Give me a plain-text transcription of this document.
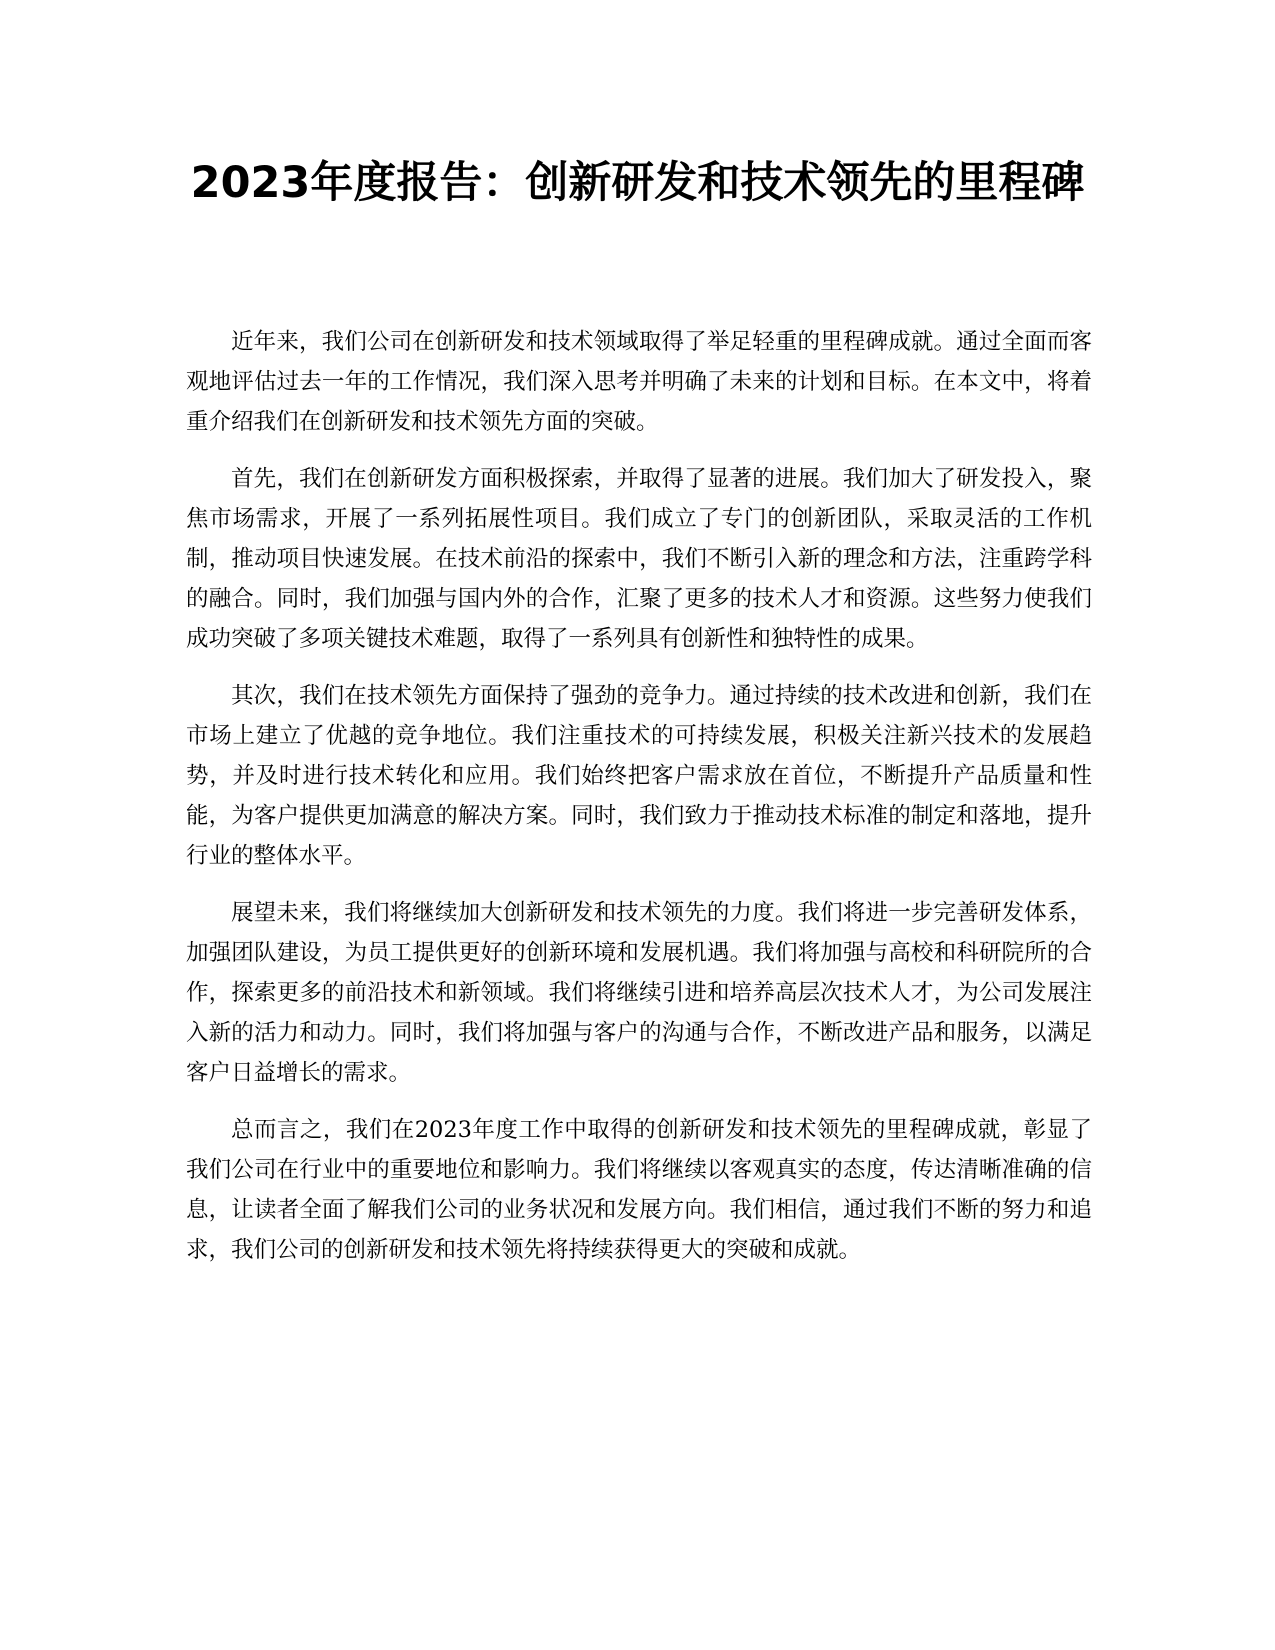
2023年度报告：创新研发和技术领先的里程碑

近年来，我们公司在创新研发和技术领域取得了举足轻重的里程碑成就。通过全面而客观地评估过去一年的工作情况，我们深入思考并明确了未来的计划和目标。在本文中，将着重介绍我们在创新研发和技术领先方面的突破。

首先，我们在创新研发方面积极探索，并取得了显著的进展。我们加大了研发投入，聚焦市场需求，开展了一系列拓展性项目。我们成立了专门的创新团队，采取灵活的工作机制，推动项目快速发展。在技术前沿的探索中，我们不断引入新的理念和方法，注重跨学科的融合。同时，我们加强与国内外的合作，汇聚了更多的技术人才和资源。这些努力使我们成功突破了多项关键技术难题，取得了一系列具有创新性和独特性的成果。

其次，我们在技术领先方面保持了强劲的竞争力。通过持续的技术改进和创新，我们在市场上建立了优越的竞争地位。我们注重技术的可持续发展，积极关注新兴技术的发展趋势，并及时进行技术转化和应用。我们始终把客户需求放在首位，不断提升产品质量和性能，为客户提供更加满意的解决方案。同时，我们致力于推动技术标准的制定和落地，提升行业的整体水平。

展望未来，我们将继续加大创新研发和技术领先的力度。我们将进一步完善研发体系，加强团队建设，为员工提供更好的创新环境和发展机遇。我们将加强与高校和科研院所的合作，探索更多的前沿技术和新领域。我们将继续引进和培养高层次技术人才，为公司发展注入新的活力和动力。同时，我们将加强与客户的沟通与合作，不断改进产品和服务，以满足客户日益增长的需求。

总而言之，我们在2023年度工作中取得的创新研发和技术领先的里程碑成就，彰显了我们公司在行业中的重要地位和影响力。我们将继续以客观真实的态度，传达清晰准确的信息，让读者全面了解我们公司的业务状况和发展方向。我们相信，通过我们不断的努力和追求，我们公司的创新研发和技术领先将持续获得更大的突破和成就。
